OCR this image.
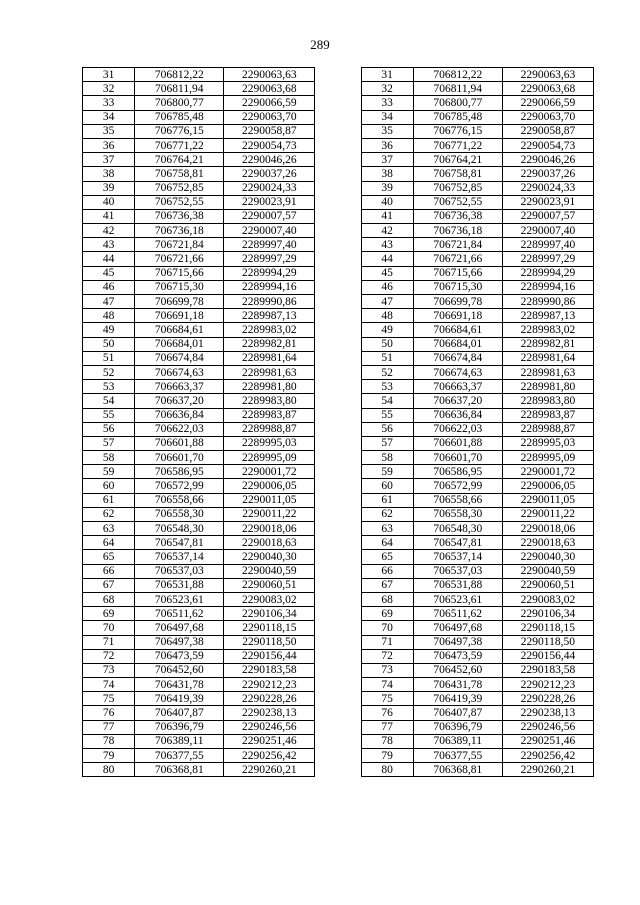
289
31	706812,22	2290063,63		31	706812,22	2290063,63
32	706811,94	2290063,68		32	706811,94	2290063,68
33	706800,77	2290066,59		33	706800,77	2290066,59
34	706785,48	2290063,70		34	706785,48	2290063,70
35	706776,15	2290058,87		35	706776,15	2290058,87
36	706771,22	2290054,73		36	706771,22	2290054,73
37	706764,21	2290046,26		37	706764,21	2290046,26
38	706758,81	2290037,26		38	706758,81	2290037,26
39	706752,85	2290024,33		39	706752,85	2290024,33
40	706752,55	2290023,91		40	706752,55	2290023,91
41	706736,38	2290007,57		41	706736,38	2290007,57
42	706736,18	2290007,40		42	706736,18	2290007,40
43	706721,84	2289997,40		43	706721,84	2289997,40
44	706721,66	2289997,29		44	706721,66	2289997,29
45	706715,66	2289994,29		45	706715,66	2289994,29
46	706715,30	2289994,16		46	706715,30	2289994,16
47	706699,78	2289990,86		47	706699,78	2289990,86
48	706691,18	2289987,13		48	706691,18	2289987,13
49	706684,61	2289983,02		49	706684,61	2289983,02
50	706684,01	2289982,81		50	706684,01	2289982,81
51	706674,84	2289981,64		51	706674,84	2289981,64
52	706674,63	2289981,63		52	706674,63	2289981,63
53	706663,37	2289981,80		53	706663,37	2289981,80
54	706637,20	2289983,80		54	706637,20	2289983,80
55	706636,84	2289983,87		55	706636,84	2289983,87
56	706622,03	2289988,87		56	706622,03	2289988,87
57	706601,88	2289995,03		57	706601,88	2289995,03
58	706601,70	2289995,09		58	706601,70	2289995,09
59	706586,95	2290001,72		59	706586,95	2290001,72
60	706572,99	2290006,05		60	706572,99	2290006,05
61	706558,66	2290011,05		61	706558,66	2290011,05
62	706558,30	2290011,22		62	706558,30	2290011,22
63	706548,30	2290018,06		63	706548,30	2290018,06
64	706547,81	2290018,63		64	706547,81	2290018,63
65	706537,14	2290040,30		65	706537,14	2290040,30
66	706537,03	2290040,59		66	706537,03	2290040,59
67	706531,88	2290060,51		67	706531,88	2290060,51
68	706523,61	2290083,02		68	706523,61	2290083,02
69	706511,62	2290106,34		69	706511,62	2290106,34
70	706497,68	2290118,15		70	706497,68	2290118,15
71	706497,38	2290118,50		71	706497,38	2290118,50
72	706473,59	2290156,44		72	706473,59	2290156,44
73	706452,60	2290183,58		73	706452,60	2290183,58
74	706431,78	2290212,23		74	706431,78	2290212,23
75	706419,39	2290228,26		75	706419,39	2290228,26
76	706407,87	2290238,13		76	706407,87	2290238,13
77	706396,79	2290246,56		77	706396,79	2290246,56
78	706389,11	2290251,46		78	706389,11	2290251,46
79	706377,55	2290256,42		79	706377,55	2290256,42
80	706368,81	2290260,21		80	706368,81	2290260,21
